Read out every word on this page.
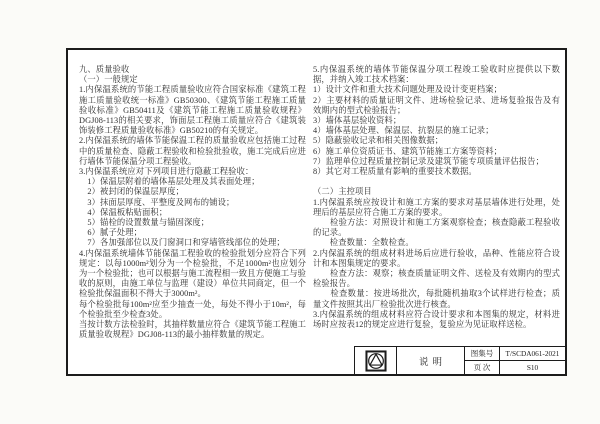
九、质量验收

（一）一般规定

1.内保温系统的节能工程质量验收应符合国家标准《建筑工程施工质量验收统一标准》GB50300、《建筑节能工程施工质量验收标准》GB50411及《建筑节能工程施工质量验收规程》DGJ08-113的相关要求，饰面层工程施工质量应符合《建筑装饰装修工程质量验收标准》GB50210的有关规定。

2.内保温系统的墙体节能保温工程的质量验收应包括施工过程中的质量检查、隐蔽工程验收和检验批验收，施工完成后应进行墙体节能保温分项工程验收。

3.内保温系统应对下列项目进行隐蔽工程验收：

　1）保温层附着的墙体基层处理及其表面处理；

　2）被封闭的保温层厚度；

　3）抹面层厚度、平整度及网布的铺设；

　4）保温板粘贴面积；

　5）锚栓的设置数量与锚固深度；

　6）腻子处理；

　7）各加强部位以及门窗洞口和穿墙管线部位的处理；

4.内保温系统墙体节能保温工程验收的检验批划分应符合下列规定：以每1000m²划分为一个检验批，不足1000m²也应划分为一个检验批；也可以根据与施工流程相一致且方便施工与验收的原则，由施工单位与监理（建设）单位共同商定，但一个检验批保温面积不得大于3000m²。

每个检验批每100m²应至少抽查一处，每处不得小于10m²，每个检验批至少检查3处。

当按计数方法检验时，其抽样数量应符合《建筑节能工程施工质量验收规程》DGJ08-113的最小抽样数量的规定。

5.内保温系统的墙体节能保温分项工程竣工验收时应提供以下数据，并纳入竣工技术档案：

1）设计文件和重大技术问题处理及设计变更档案；

2）主要材料的质量证明文件、进场检验记录、进场复验报告及有效期内的型式检验报告；

3）墙体基层验收资料；

4）墙体基层处理、保温层、抗裂层的施工记录；

5）隐蔽验收记录和相关图像数据；

6）施工单位资质证书、建筑节能施工方案等资料；

7）监理单位过程质量控制记录及建筑节能专项质量评估报告；

8）其它对工程质量有影响的重要技术数据。

（二）主控项目

1.内保温系统应按设计和施工方案的要求对基层墙体进行处理，处理后的基层应符合施工方案的要求。

　　检验方法：对照设计和施工方案观察检查；核查隐蔽工程验收的记录。

　　检查数量：全数检查。

2.内保温系统的组成材料进场后应进行验收，品种、性能应符合设计和本图集规定的要求。

　　检查方法：观察；核查质量证明文件、送检及有效期内的型式检验报告。

　　检查数量：按进场批次，每批随机抽取3个试样进行检查；质量文件按照其出厂检验批次进行核查。

3.内保温系统的组成材料应符合设计要求和本图集的规定，材料进场时应按表12的规定应进行复验，复验应为见证取样送检。

说明
图集号	T/SCDA061-2021
页 次	S10
